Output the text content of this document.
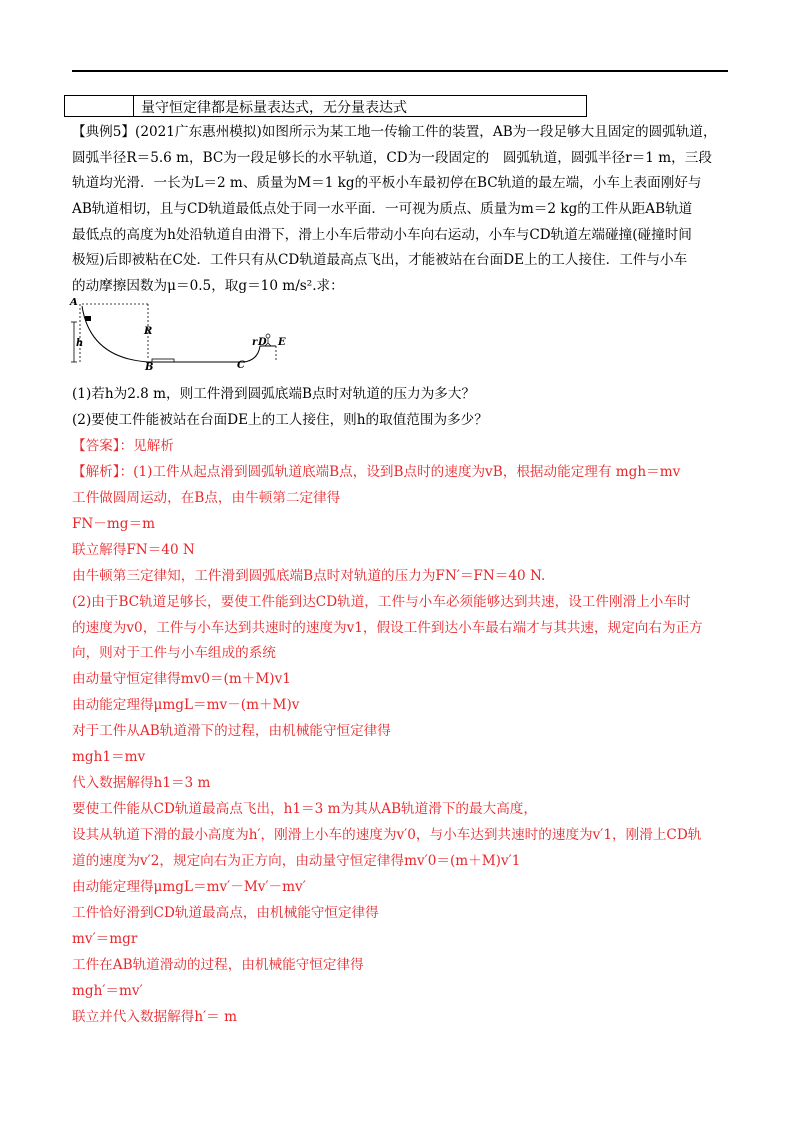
量守恒定律都是标量表达式，无分量表达式
【典例5】(2021广东惠州模拟)如图所示为某工地一传输工件的装置，AB为一段足够大且固定的圆弧轨道，
圆弧半径R＝5.6 m，BC为一段足够长的水平轨道，CD为一段固定的　圆弧轨道，圆弧半径r＝1 m，三段
轨道均光滑．一长为L＝2 m、质量为M＝1 kg的平板小车最初停在BC轨道的最左端，小车上表面刚好与
AB轨道相切，且与CD轨道最低点处于同一水平面．一可视为质点、质量为m＝2 kg的工件从距AB轨道
最低点的高度为h处沿轨道自由滑下，滑上小车后带动小车向右运动，小车与CD轨道左端碰撞(碰撞时间
极短)后即被粘在C处．工件只有从CD轨道最高点飞出，才能被站在台面DE上的工人接住．工件与小车
的动摩擦因数为μ＝0.5，取g＝10 m/s².求：
A
R
h
B	C
r D E
(1)若h为2.8 m，则工件滑到圆弧底端B点时对轨道的压力为多大？
(2)要使工件能被站在台面DE上的工人接住，则h的取值范围为多少？
【答案】：见解析
【解析】：(1)工件从起点滑到圆弧轨道底端B点，设到B点时的速度为vB，根据动能定理有 mgh＝mv
工件做圆周运动，在B点，由牛顿第二定律得
FN－mg＝m
联立解得FN＝40 N
由牛顿第三定律知，工件滑到圆弧底端B点时对轨道的压力为FN′＝FN＝40 N.
(2)由于BC轨道足够长，要使工件能到达CD轨道，工件与小车必须能够达到共速，设工件刚滑上小车时
的速度为v0，工件与小车达到共速时的速度为v1，假设工件到达小车最右端才与其共速，规定向右为正方
向，则对于工件与小车组成的系统
由动量守恒定律得mv0＝(m＋M)v1
由动能定理得μmgL＝mv－(m＋M)v
对于工件从AB轨道滑下的过程，由机械能守恒定律得
mgh1＝mv
代入数据解得h1＝3 m
要使工件能从CD轨道最高点飞出，h1＝3 m为其从AB轨道滑下的最大高度，
设其从轨道下滑的最小高度为h′，刚滑上小车的速度为v′0，与小车达到共速时的速度为v′1，刚滑上CD轨
道的速度为v′2，规定向右为正方向，由动量守恒定律得mv′0＝(m＋M)v′1
由动能定理得μmgL＝mv′－Mv′－mv′
工件恰好滑到CD轨道最高点，由机械能守恒定律得
mv′＝mgr
工件在AB轨道滑动的过程，由机械能守恒定律得
mgh′＝mv′
联立并代入数据解得h′＝ m
